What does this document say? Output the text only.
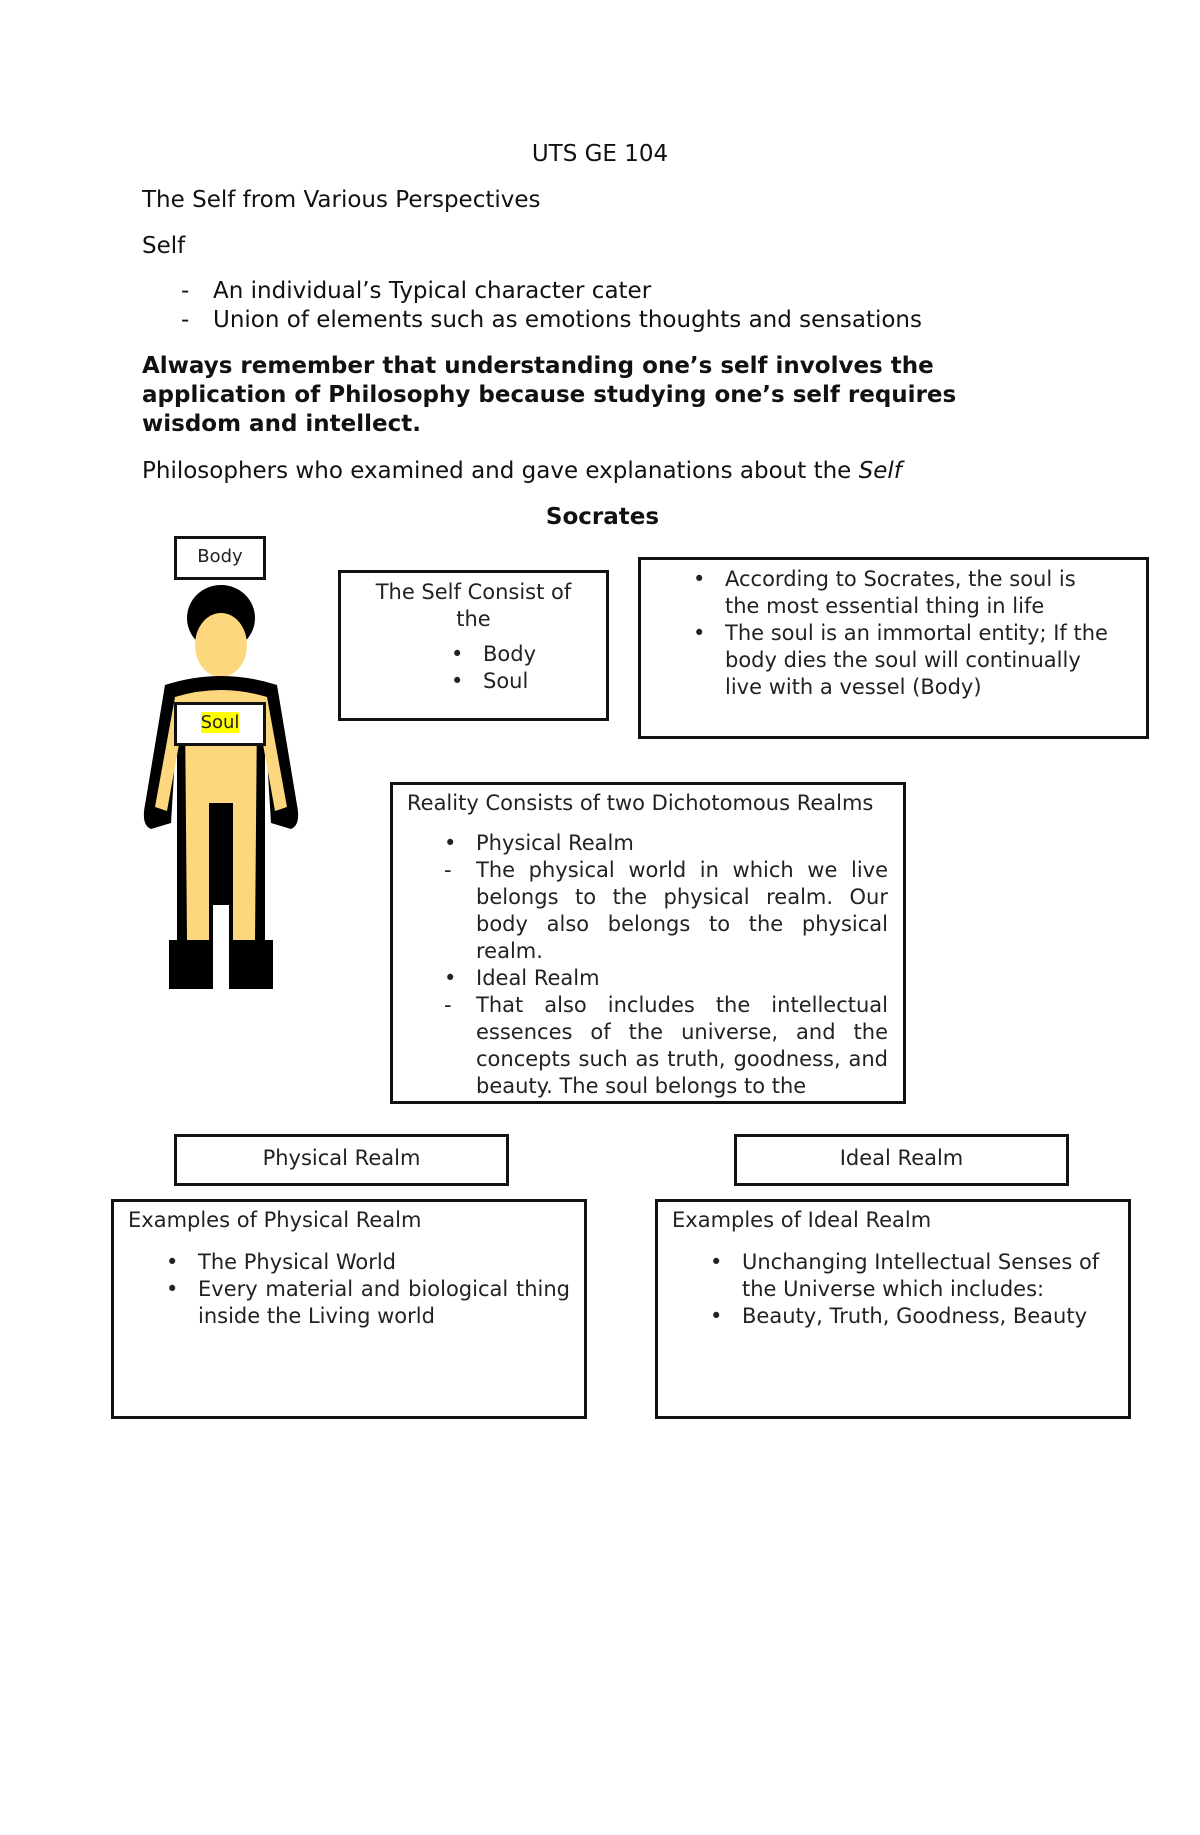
UTS GE 104
The Self from Various Perspectives
Self
- An individual’s Typical character cater
- Union of elements such as emotions thoughts and sensations
Always remember that understanding one’s self involves the application of Philosophy because studying one’s self requires wisdom and intellect.
Philosophers who examined and gave explanations about the Self
Socrates
Body
Soul
The Self Consist of the
• Body
• Soul
• According to Socrates, the soul is the most essential thing in life
• The soul is an immortal entity; If the body dies the soul will continually live with a vessel (Body)
Reality Consists of two Dichotomous Realms
• Physical Realm
- The physical world in which we live belongs to the physical realm. Our body also belongs to the physical realm.
• Ideal Realm
- That also includes the intellectual essences of the universe, and the concepts such as truth, goodness, and beauty. The soul belongs to the
Physical Realm	Ideal Realm
Examples of Physical Realm
• The Physical World
• Every material and biological thing inside the Living world
Examples of Ideal Realm
• Unchanging Intellectual Senses of the Universe which includes:
• Beauty, Truth, Goodness, Beauty
